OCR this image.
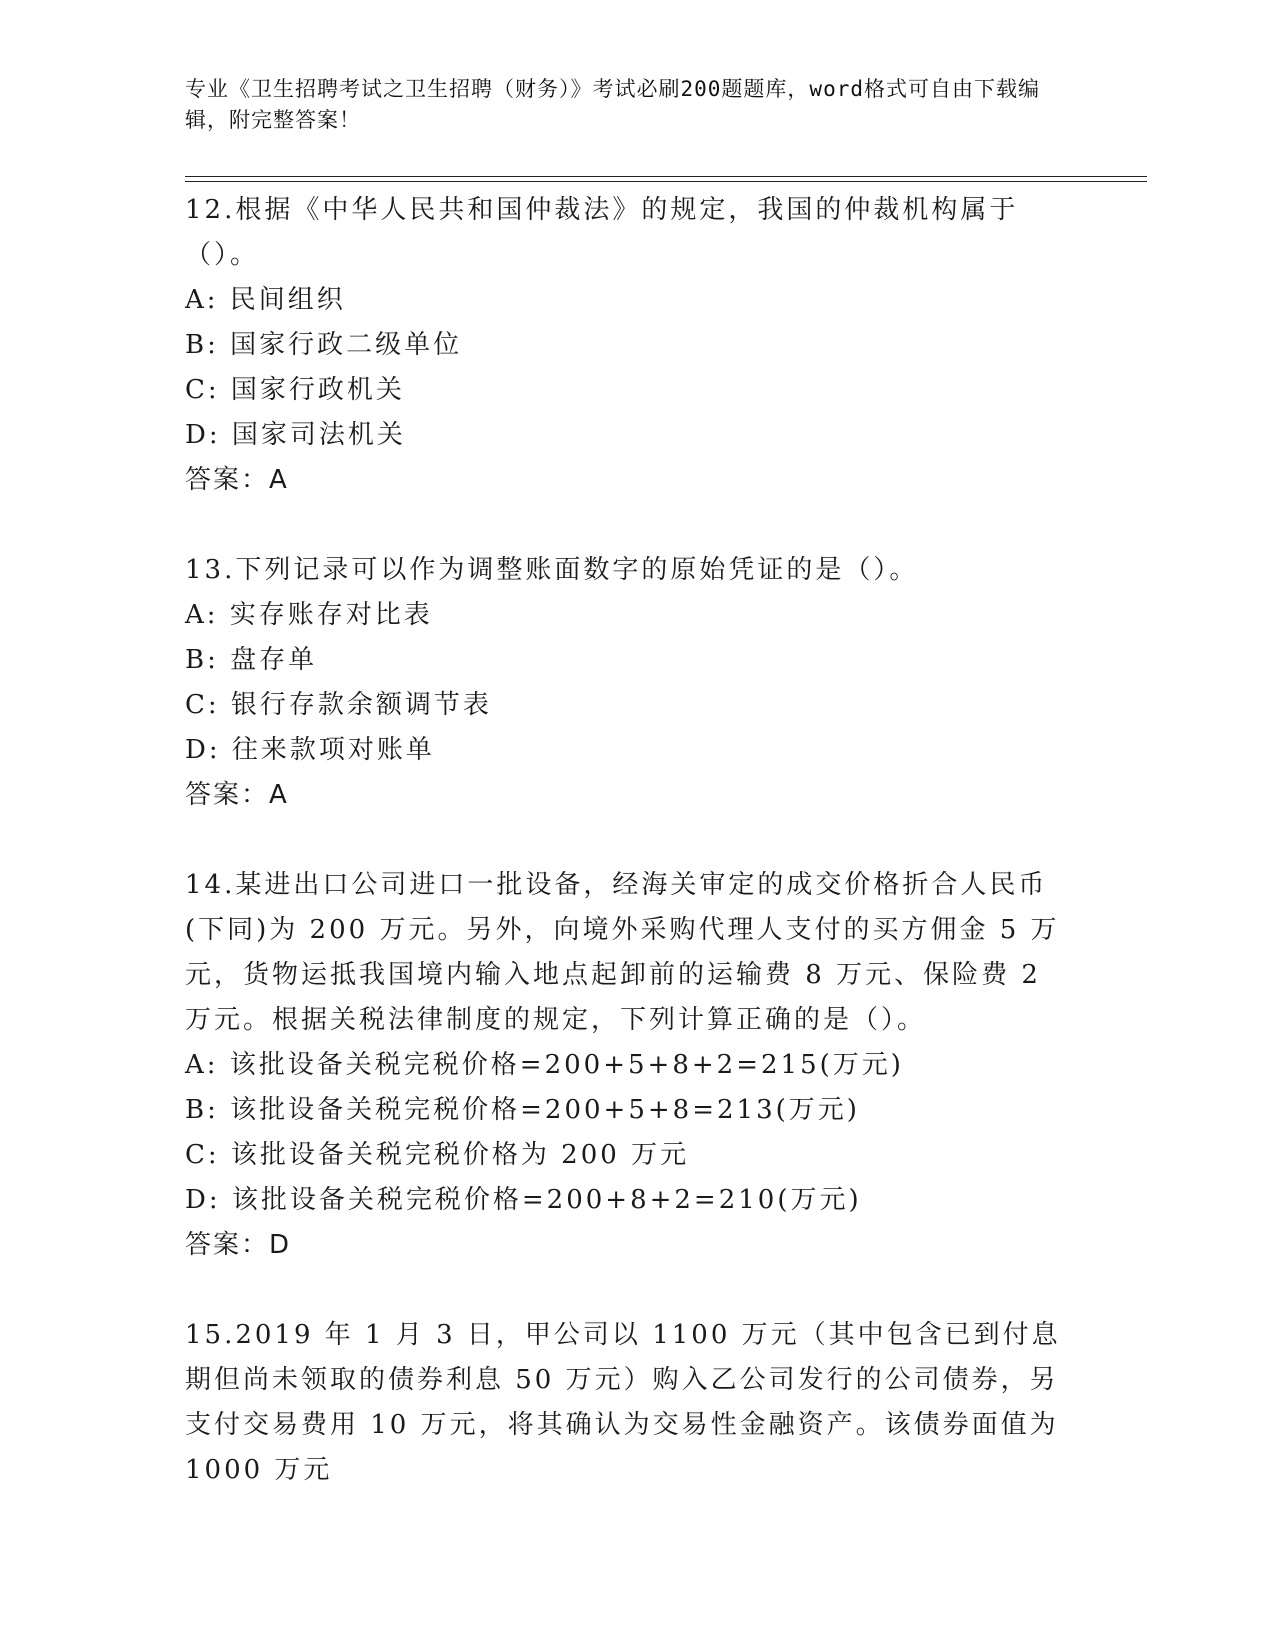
专业《卫生招聘考试之卫生招聘（财务）》考试必刷200题题库，word格式可自由下载编辑，附完整答案！

12.根据《中华人民共和国仲裁法》的规定，我国的仲裁机构属于（）。

A: 民间组织

B: 国家行政二级单位

C: 国家行政机关

D: 国家司法机关

答案：A

13.下列记录可以作为调整账面数字的原始凭证的是（）。

A: 实存账存对比表

B: 盘存单

C: 银行存款余额调节表

D: 往来款项对账单

答案：A

14.某进出口公司进口一批设备，经海关审定的成交价格折合人民币(下同)为 200 万元。另外，向境外采购代理人支付的买方佣金 5 万元，货物运抵我国境内输入地点起卸前的运输费 8 万元、保险费 2 万元。根据关税法律制度的规定，下列计算正确的是（）。

A: 该批设备关税完税价格=200+5+8+2=215(万元)

B: 该批设备关税完税价格=200+5+8=213(万元)

C: 该批设备关税完税价格为 200 万元

D: 该批设备关税完税价格=200+8+2=210(万元)

答案：D

15.2019 年 1 月 3 日，甲公司以 1100 万元（其中包含已到付息期但尚未领取的债券利息 50 万元）购入乙公司发行的公司债券，另支付交易费用 10 万元，将其确认为交易性金融资产。该债券面值为 1000 万元
